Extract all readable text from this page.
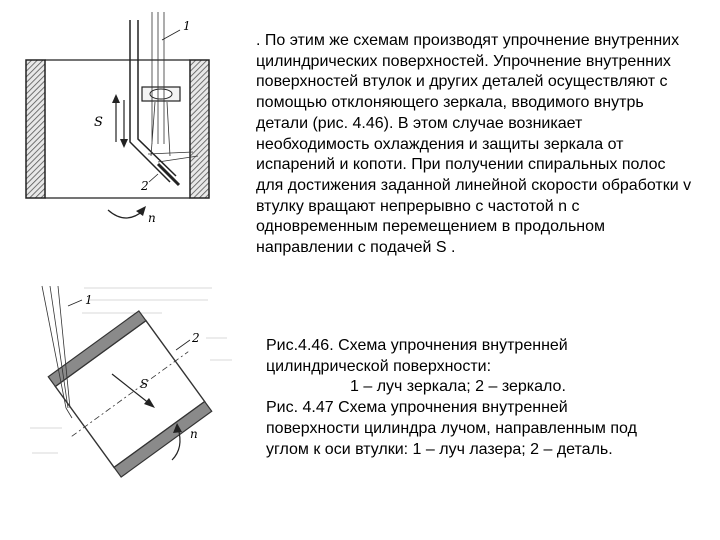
1
2
S
n
1
2
S
n

. По этим же схемам производят упрочнение внутренних цилиндрических поверхностей. Упрочнение внутренних поверхностей втулок и других деталей осуществляют с помощью отклоняющего зеркала, вводимого внутрь детали (рис. 4.46). В этом случае возникает необходимость охлаждения и защиты зеркала от испарений и копоти. При получении спиральных полос для достижения заданной линейной скорости обработки v втулку вращают непрерывно с частотой n с одновременным перемещением в продольном направлении с подачей S .

Рис.4.46. Схема упрочнения внутренней
цилиндрической поверхности:
1 – луч зеркала; 2 – зеркало.
Рис. 4.47 Схема упрочнения внутренней
поверхности цилиндра лучом, направленным под
углом к оси втулки: 1 – луч лазера; 2 – деталь.
